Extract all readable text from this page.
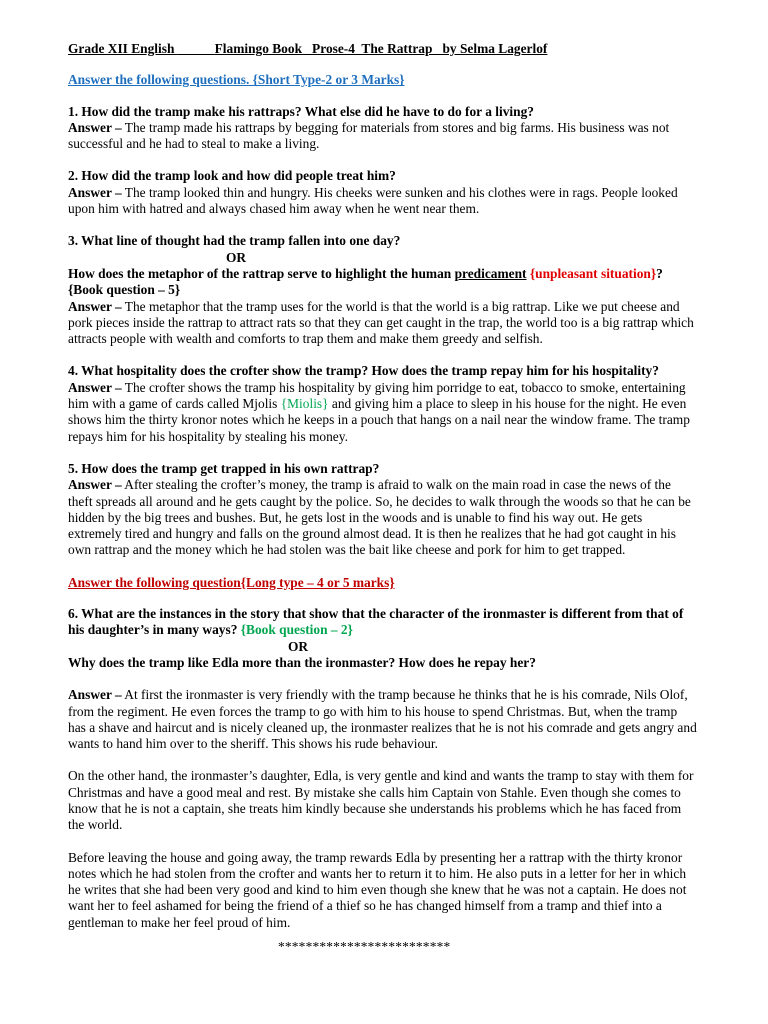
Grade XII English	Flamingo Book   Prose-4  The Rattrap   by Selma Lagerlof
Answer the following questions. {Short Type-2 or 3 Marks}
1. How did the tramp make his rattraps? What else did he have to do for a living?
Answer – The tramp made his rattraps by begging for materials from stores and big farms. His business was not successful and he had to steal to make a living.
2. How did the tramp look and how did people treat him?
Answer – The tramp looked thin and hungry. His cheeks were sunken and his clothes were in rags. People looked upon him with hatred and always chased him away when he went near them.
3. What line of thought had the tramp fallen into one day?
OR
How does the metaphor of the rattrap serve to highlight the human predicament {unpleasant situation}?
{Book question – 5}
Answer – The metaphor that the tramp uses for the world is that the world is a big rattrap. Like we put cheese and pork pieces inside the rattrap to attract rats so that they can get caught in the trap, the world too is a big rattrap which attracts people with wealth and comforts to trap them and make them greedy and selfish.
4. What hospitality does the crofter show the tramp? How does the tramp repay him for his hospitality?
Answer – The crofter shows the tramp his hospitality by giving him porridge to eat, tobacco to smoke, entertaining him with a game of cards called Mjolis {Miolis} and giving him a place to sleep in his house for the night. He even shows him the thirty kronor notes which he keeps in a pouch that hangs on a nail near the window frame. The tramp repays him for his hospitality by stealing his money.
5. How does the tramp get trapped in his own rattrap?
Answer – After stealing the crofter’s money, the tramp is afraid to walk on the main road in case the news of the theft spreads all around and he gets caught by the police. So, he decides to walk through the woods so that he can be hidden by the big trees and bushes. But, he gets lost in the woods and is unable to find his way out. He gets extremely tired and hungry and falls on the ground almost dead. It is then he realizes that he had got caught in his own rattrap and the money which he had stolen was the bait like cheese and pork for him to get trapped.
Answer the following question{Long type – 4 or 5 marks}
6. What are the instances in the story that show that the character of the ironmaster is different from that of his daughter’s in many ways? {Book question – 2}
OR
Why does the tramp like Edla more than the ironmaster? How does he repay her?
Answer – At first the ironmaster is very friendly with the tramp because he thinks that he is his comrade, Nils Olof, from the regiment. He even forces the tramp to go with him to his house to spend Christmas. But, when the tramp has a shave and haircut and is nicely cleaned up, the ironmaster realizes that he is not his comrade and gets angry and wants to hand him over to the sheriff. This shows his rude behaviour.
On the other hand, the ironmaster’s daughter, Edla, is very gentle and kind and wants the tramp to stay with them for Christmas and have a good meal and rest. By mistake she calls him Captain von Stahle. Even though she comes to know that he is not a captain, she treats him kindly because she understands his problems which he has faced from the world.
Before leaving the house and going away, the tramp rewards Edla by presenting her a rattrap with the thirty kronor notes which he had stolen from the crofter and wants her to return it to him. He also puts in a letter for her in which he writes that she had been very good and kind to him even though she knew that he was not a captain. He does not want her to feel ashamed for being the friend of a thief so he has changed himself from a tramp and thief into a gentleman to make her feel proud of him.
*************************
